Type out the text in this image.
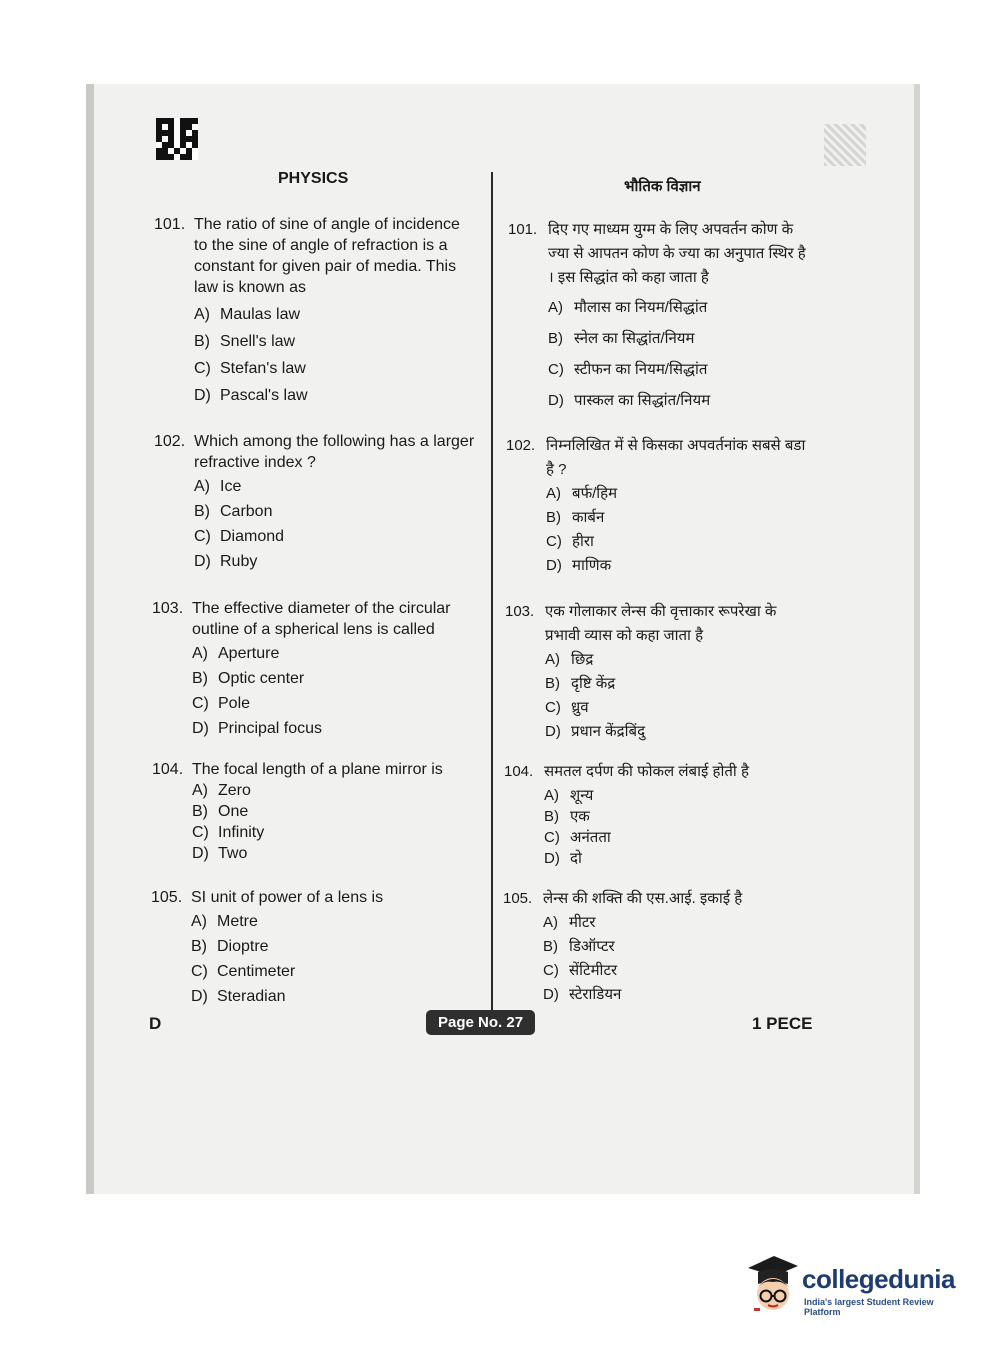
PHYSICS	भौतिक विज्ञान
101. The ratio of sine of angle of incidence to the sine of angle of refraction is a constant for given pair of media. This law is known as
A) Maulas law
B) Snell's law
C) Stefan's law
D) Pascal's law
102. Which among the following has a larger refractive index ?
A) Ice
B) Carbon
C) Diamond
D) Ruby
103. The effective diameter of the circular outline of a spherical lens is called
A) Aperture
B) Optic center
C) Pole
D) Principal focus
104. The focal length of a plane mirror is
A) Zero
B) One
C) Infinity
D) Two
105. SI unit of power of a lens is
A) Metre
B) Dioptre
C) Centimeter
D) Steradian
101. दिए गए माध्यम युग्म के लिए अपवर्तन कोण के ज्या से आपतन कोण के ज्या का अनुपात स्थिर है । इस सिद्धांत को कहा जाता है
A) मौलास का नियम/सिद्धांत
B) स्नेल का सिद्धांत/नियम
C) स्टीफन का नियम/सिद्धांत
D) पास्कल का सिद्धांत/नियम
102. निम्नलिखित में से किसका अपवर्तनांक सबसे बडा है ?
A) बर्फ/हिम
B) कार्बन
C) हीरा
D) माणिक
103. एक गोलाकार लेन्स की वृत्ताकार रूपरेखा के प्रभावी व्यास को कहा जाता है
A) छिद्र
B) दृष्टि केंद्र
C) ध्रुव
D) प्रधान केंद्रबिंदु
104. समतल दर्पण की फोकल लंबाई होती है
A) शून्य
B) एक
C) अनंतता
D) दो
105. लेन्स की शक्ति की एस.आई. इकाई है
A) मीटर
B) डिऑप्टर
C) सेंटिमीटर
D) स्टेराडियन
D	Page No. 27	1 PECE
collegedunia
India's largest Student Review Platform
